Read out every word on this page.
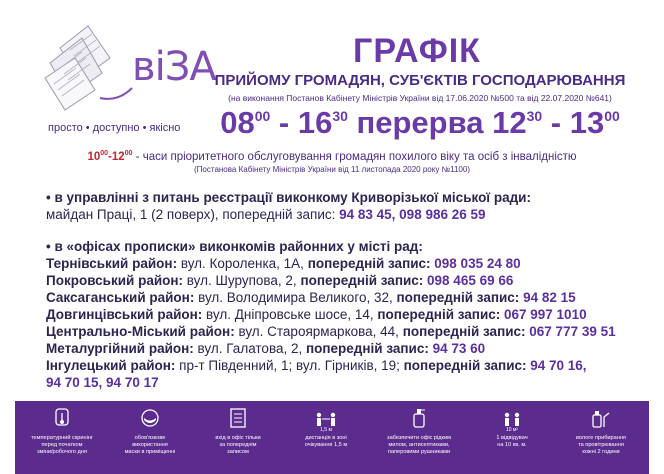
віЗА
просто • доступно • якісно
ГРАФІК
ПРИЙОМУ ГРОМАДЯН, СУБ'ЄКТІВ ГОСПОДАРЮВАННЯ
(на виконання Постанов Кабінету Міністрів України від 17.06.2020 №500 та від 22.07.2020 №641)
$08^{00} - 16^{30}$ перерва $12^{30} - 13^{00}$
$10^{00}-12^{00}$ - часи пріоритетного обслуговування громадян похилого віку та осіб з інвалідністю
(Постанова Кабінету Міністрів України від 11 листопада 2020 року №1100)
• в управлінні з питань реєстрації виконкому Криворізької міської ради:
майдан Праці, 1 (2 поверх), попередній запис: 94 83 45, 098 986 26 59
• в «офісах прописки» виконкомів районних у місті рад:
Тернівський район: вул. Короленка, 1А, попередній запис: 098 035 24 80
Покровський район: вул. Шурупова, 2, попередній запис: 098 465 69 66
Саксаганський район: вул. Володимира Великого, 32, попередній запис: 94 82 15
Довгинцівський район: вул. Дніпровське шосе, 14, попередній запис: 067 997 1010
Центрально-Міський район: вул. Староярмаркова, 44, попередній запис: 067 777 39 51
Металургійний район: вул. Галатова, 2, попередній запис: 94 73 60
Інгулецький район: пр-т Південний, 1; вул. Гірників, 19; попередній запис: 94 70 16,
94 70 15, 94 70 17
температурний скринінг
перед початком
зміни/робочого дня
обов'язкове
використання
маски в приміщенні
вхід в офіс тільки
за попереднім
записом
1,5 м
дистанція в зоні
очікування 1,5 м
забезпечити офіс рідким
милом, антисептиками,
паперовими рушниками
10 м²
1 відвідувач
на 10 кв. м.
вологе прибирання
та провітрювання
кожні 2 години
